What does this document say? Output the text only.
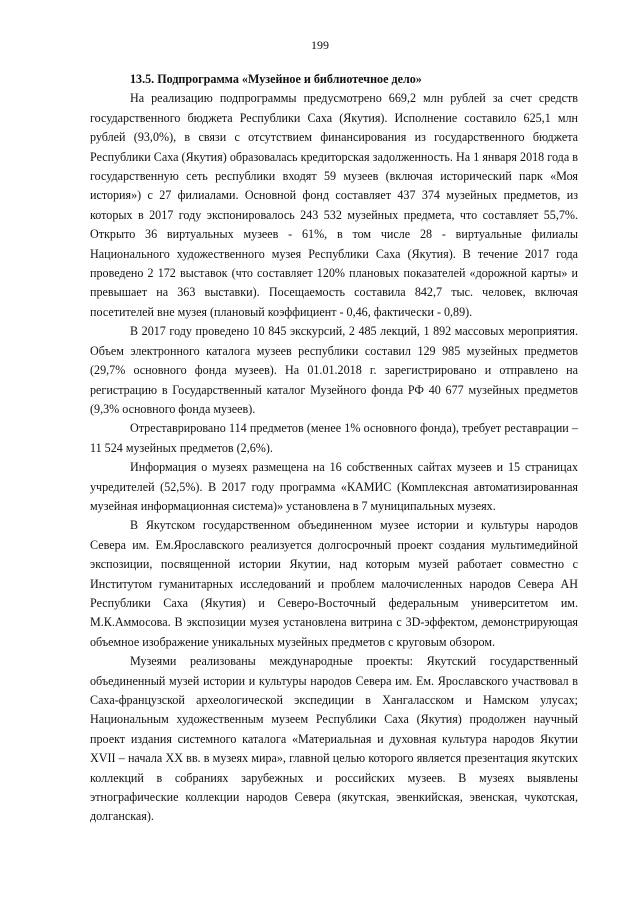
199

13.5. Подпрограмма «Музейное и библиотечное дело»

На реализацию подпрограммы предусмотрено 669,2 млн рублей за счет средств государственного бюджета Республики Саха (Якутия). Исполнение составило 625,1 млн рублей (93,0%), в связи с отсутствием финансирования из государственного бюджета Республики Саха (Якутия) образовалась кредиторская задолженность. На 1 января 2018 года в государственную сеть республики входят 59 музеев (включая исторический парк «Моя история») с 27 филиалами. Основной фонд составляет 437 374 музейных предметов, из которых в 2017 году экспонировалось 243 532 музейных предмета, что составляет 55,7%. Открыто 36 виртуальных музеев - 61%, в том числе 28 - виртуальные филиалы Национального художественного музея Республики Саха (Якутия). В течение 2017 года проведено 2 172 выставок (что составляет 120% плановых показателей «дорожной карты» и превышает на 363 выставки). Посещаемость составила 842,7 тыс. человек, включая посетителей вне музея (плановый коэффициент - 0,46, фактически - 0,89).

В 2017 году проведено 10 845 экскурсий, 2 485 лекций, 1 892 массовых мероприятия. Объем электронного каталога музеев республики составил 129 985 музейных предметов (29,7% основного фонда музеев). На 01.01.2018 г. зарегистрировано и отправлено на регистрацию в Государственный каталог Музейного фонда РФ 40 677 музейных предметов (9,3% основного фонда музеев).

Отреставрировано 114 предметов (менее 1% основного фонда), требует реставрации – 11 524 музейных предметов (2,6%).

Информация о музеях размещена на 16 собственных сайтах музеев и 15 страницах учредителей (52,5%). В 2017 году программа «КАМИС (Комплексная автоматизированная музейная информационная система)» установлена в 7 муниципальных музеях.

В Якутском государственном объединенном музее истории и культуры народов Севера им. Ем.Ярославского реализуется долгосрочный проект создания мультимедийной экспозиции, посвященной истории Якутии, над которым музей работает совместно с Институтом гуманитарных исследований и проблем малочисленных народов Севера АН Республики Саха (Якутия) и Северо-Восточный федеральным университетом им. М.К.Аммосова. В экспозиции музея установлена витрина с 3D-эффектом, демонстрирующая объемное изображение уникальных музейных предметов с круговым обзором.

Музеями реализованы международные проекты: Якутский государственный объединенный музей истории и культуры народов Севера им. Ем. Ярославского участвовал в Саха-французской археологической экспедиции в Хангаласском и Намском улусах; Национальным художественным музеем Республики Саха (Якутия) продолжен научный проект издания системного каталога «Материальная и духовная культура народов Якутии XVII – начала XX вв. в музеях мира», главной целью которого является презентация якутских коллекций в собраниях зарубежных и российских музеев. В музеях выявлены этнографические коллекции народов Севера (якутская, эвенкийская, эвенская, чукотская, долганская).
